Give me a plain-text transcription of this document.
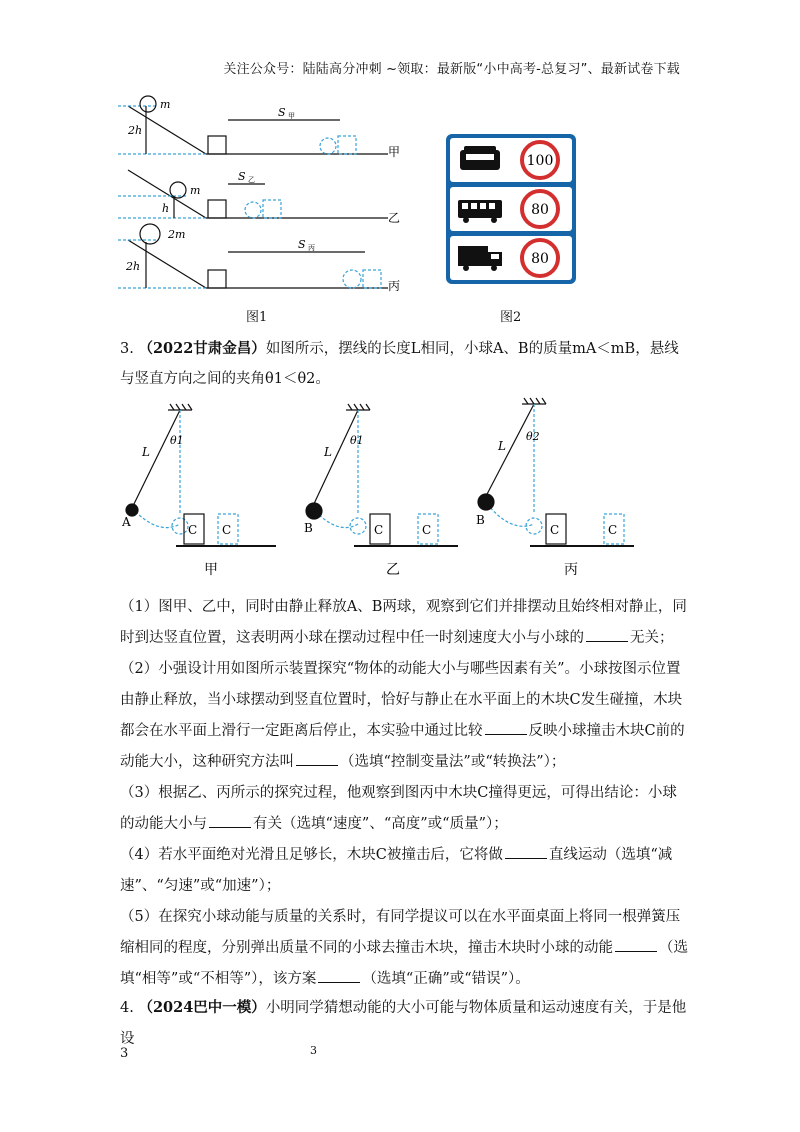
关注公众号：陆陆高分冲刺 ~领取：最新版“小中高考-总复习”、最新试卷下载
m
2h
S 甲
甲
m
h
S 乙
乙
2m
2h
S 丙
丙
图1
100
80
80
图2
3. （2022甘肃金昌）如图所示，摆线的长度L相同，小球A、B的质量mA＜mB，悬线与竖直方向之间的夹角θ1＜θ2。
L
θ1
A
C C
甲
L
θ1
B	C	C
乙
L
θ2
B
C	C
丙
（1）图甲、乙中，同时由静止释放A、B两球，观察到它们并排摆动且始终相对静止，同时到达竖直位置，这表明两小球在摆动过程中任一时刻速度大小与小球的	无关；
（2）小强设计用如图所示装置探究“物体的动能大小与哪些因素有关”。小球按图示位置由静止释放，当小球摆动到竖直位置时，恰好与静止在水平面上的木块C发生碰撞，木块都会在水平面上滑行一定距离后停止，本实验中通过比较	反映小球撞击木块C前的动能大小，这种研究方法叫	（选填“控制变量法”或“转换法”）；
（3）根据乙、丙所示的探究过程，他观察到图丙中木块C撞得更远，可得出结论：小球的动能大小与	有关（选填“速度”、“高度”或“质量”）；
（4）若水平面绝对光滑且足够长，木块C被撞击后，它将做	直线运动（选填“减速”、“匀速”或“加速”）；
（5）在探究小球动能与质量的关系时，有同学提议可以在水平面桌面上将同一根弹簧压缩相同的程度，分别弹出质量不同的小球去撞击木块，撞击木块时小球的动能	（选填“相等”或“不相等”），该方案	（选填“正确”或“错误”）。
4. （2024巴中一模）小明同学猜想动能的大小可能与物体质量和运动速度有关，于是他设
3	3
